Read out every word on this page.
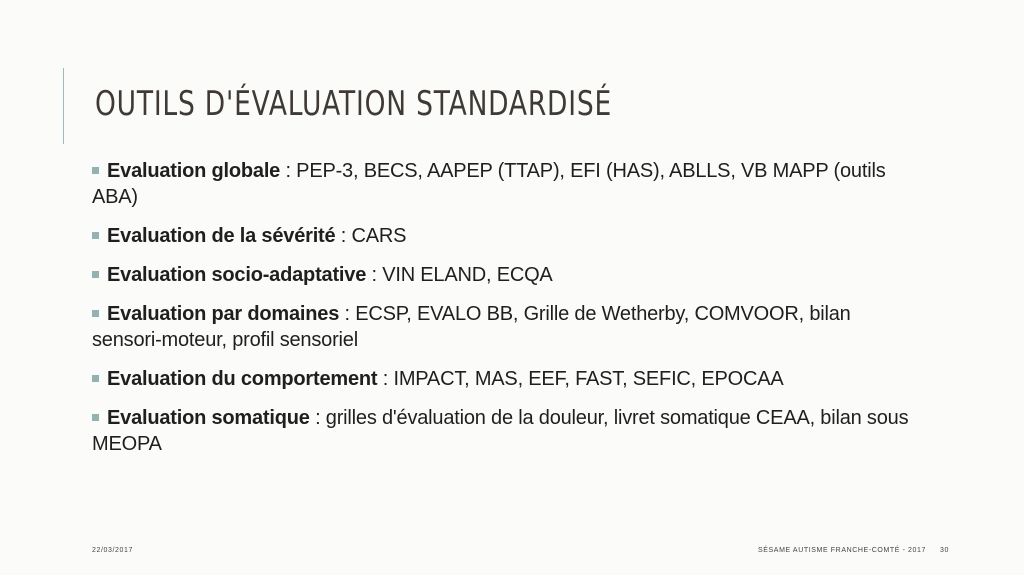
OUTILS D'ÉVALUATION STANDARDISÉ
Evaluation globale : PEP-3, BECS, AAPEP (TTAP), EFI (HAS), ABLLS, VB MAPP (outils ABA)
Evaluation de la sévérité : CARS
Evaluation socio-adaptative : VIN ELAND, ECQA
Evaluation par domaines : ECSP, EVALO BB, Grille de Wetherby, COMVOOR, bilan sensori-moteur, profil sensoriel
Evaluation du comportement : IMPACT, MAS, EEF, FAST, SEFIC, EPOCAA
Evaluation somatique : grilles d'évaluation de la douleur, livret somatique CEAA, bilan sous MEOPA
22/03/2017	SÉSAME AUTISME FRANCHE-COMTÉ - 2017 30
